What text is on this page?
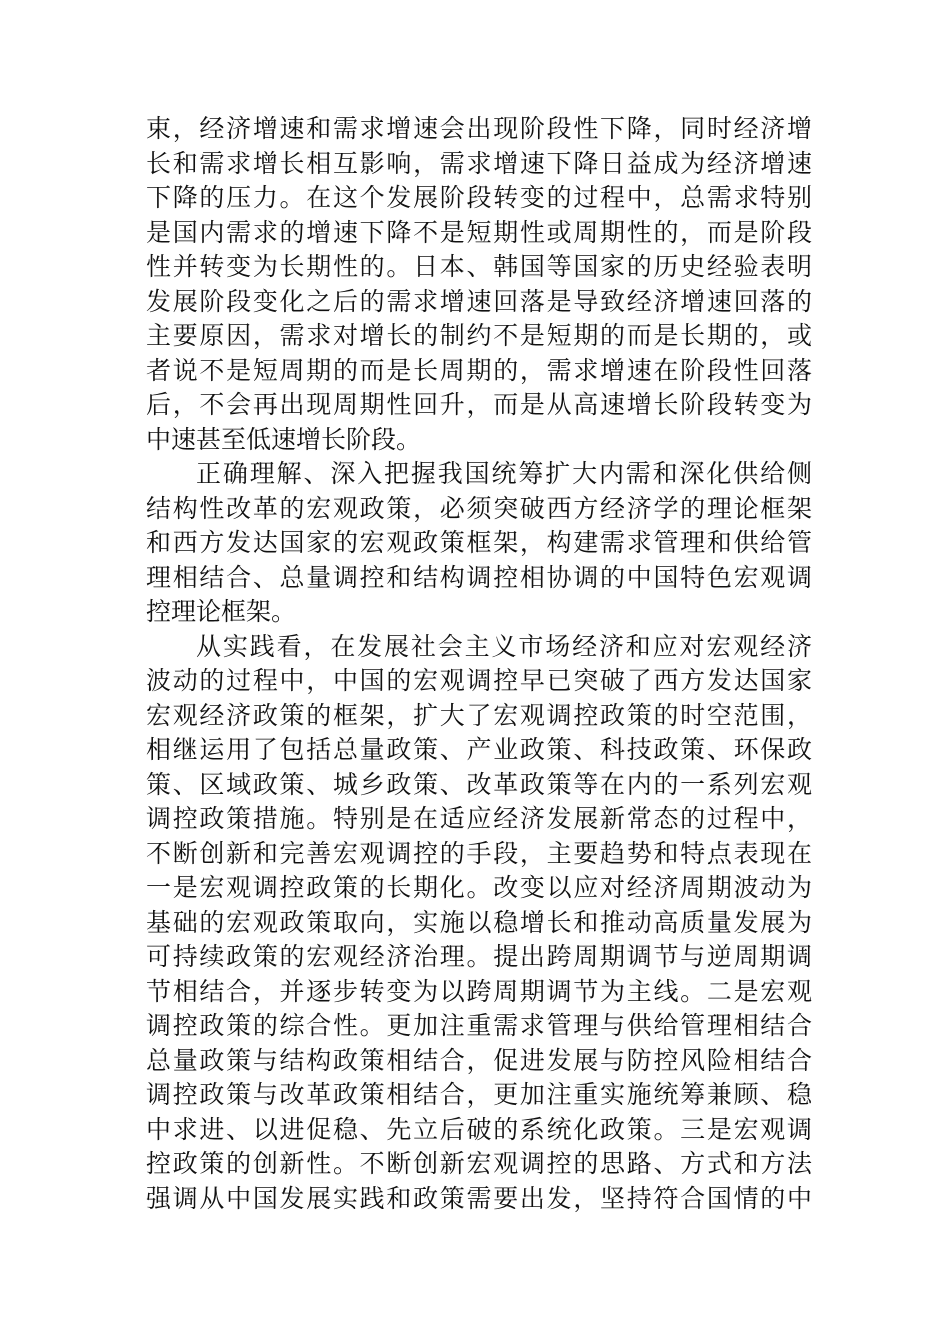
束，经济增速和需求增速会出现阶段性下降，同时经济增
长和需求增长相互影响，需求增速下降日益成为经济增速
下降的压力。在这个发展阶段转变的过程中，总需求特别
是国内需求的增速下降不是短期性或周期性的，而是阶段
性并转变为长期性的。日本、韩国等国家的历史经验表明
发展阶段变化之后的需求增速回落是导致经济增速回落的
主要原因，需求对增长的制约不是短期的而是长期的，或
者说不是短周期的而是长周期的，需求增速在阶段性回落
后，不会再出现周期性回升，而是从高速增长阶段转变为
中速甚至低速增长阶段。
正确理解、深入把握我国统筹扩大内需和深化供给侧
结构性改革的宏观政策，必须突破西方经济学的理论框架
和西方发达国家的宏观政策框架，构建需求管理和供给管
理相结合、总量调控和结构调控相协调的中国特色宏观调
控理论框架。
从实践看，在发展社会主义市场经济和应对宏观经济
波动的过程中，中国的宏观调控早已突破了西方发达国家
宏观经济政策的框架，扩大了宏观调控政策的时空范围，
相继运用了包括总量政策、产业政策、科技政策、环保政
策、区域政策、城乡政策、改革政策等在内的一系列宏观
调控政策措施。特别是在适应经济发展新常态的过程中，
不断创新和完善宏观调控的手段，主要趋势和特点表现在
一是宏观调控政策的长期化。改变以应对经济周期波动为
基础的宏观政策取向，实施以稳增长和推动高质量发展为
可持续政策的宏观经济治理。提出跨周期调节与逆周期调
节相结合，并逐步转变为以跨周期调节为主线。二是宏观
调控政策的综合性。更加注重需求管理与供给管理相结合
总量政策与结构政策相结合，促进发展与防控风险相结合
调控政策与改革政策相结合，更加注重实施统筹兼顾、稳
中求进、以进促稳、先立后破的系统化政策。三是宏观调
控政策的创新性。不断创新宏观调控的思路、方式和方法
强调从中国发展实践和政策需要出发，坚持符合国情的中
